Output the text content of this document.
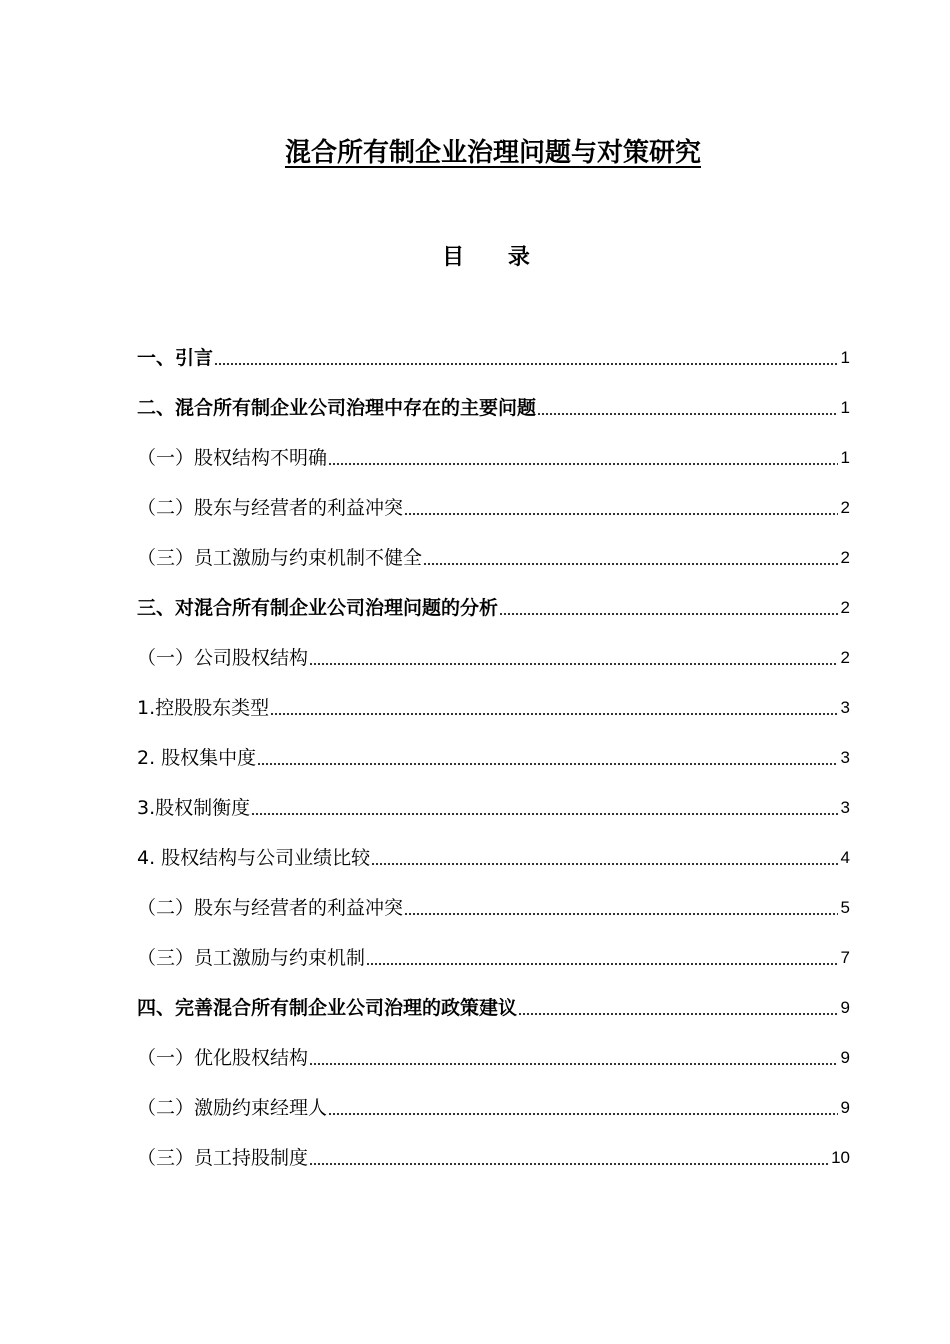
混合所有制企业治理问题与对策研究
目 录
一、引言	1
二、混合所有制企业公司治理中存在的主要问题	1
（一）股权结构不明确	1
（二）股东与经营者的利益冲突	2
（三）员工激励与约束机制不健全	2
三、对混合所有制企业公司治理问题的分析	2
（一）公司股权结构	2
1.控股股东类型	3
2. 股权集中度	3
3.股权制衡度	3
4. 股权结构与公司业绩比较	4
（二）股东与经营者的利益冲突	5
（三）员工激励与约束机制	7
四、完善混合所有制企业公司治理的政策建议	9
（一）优化股权结构	9
（二）激励约束经理人	9
（三）员工持股制度	10
